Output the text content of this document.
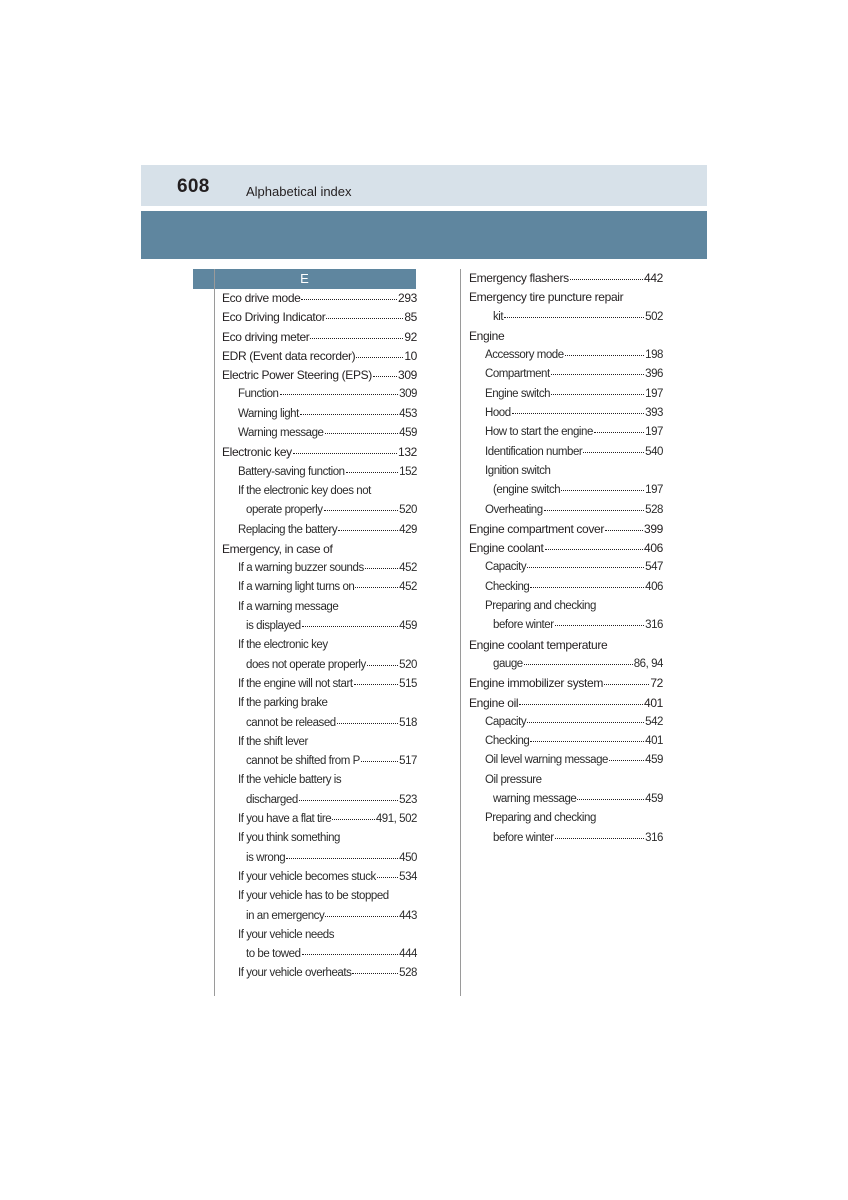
608	Alphabetical index
E
Eco drive mode	293
Eco Driving Indicator	85
Eco driving meter	92
EDR (Event data recorder)	10
Electric Power Steering (EPS) 309
Function	309
Warning light	453
Warning message	459
Electronic key	132
Battery-saving function	152
If the electronic key does not
operate properly	520
Replacing the battery	429
Emergency, in case of
If a warning buzzer sounds	452
If a warning light turns on	452
If a warning message
is displayed	459
If the electronic key
does not operate properly	520
If the engine will not start	515
If the parking brake
cannot be released	518
If the shift lever
cannot be shifted from P	517
If the vehicle battery is
discharged	523
If you have a flat tire	491, 502
If you think something
is wrong	450
If your vehicle becomes stuck 534
If your vehicle has to be stopped
in an emergency	443
If your vehicle needs
to be towed	444
If your vehicle overheats	528
Emergency flashers	442
Emergency tire puncture repair
kit	502
Engine
Accessory mode	198
Compartment	396
Engine switch	197
Hood	393
How to start the engine	197
Identification number	540
Ignition switch
(engine switch	197
Overheating	528
Engine compartment cover	399
Engine coolant	406
Capacity	547
Checking	406
Preparing and checking
before winter	316
Engine coolant temperature
gauge	86, 94
Engine immobilizer system	72
Engine oil	401
Capacity	542
Checking	401
Oil level warning message	459
Oil pressure
warning message	459
Preparing and checking
before winter	316
